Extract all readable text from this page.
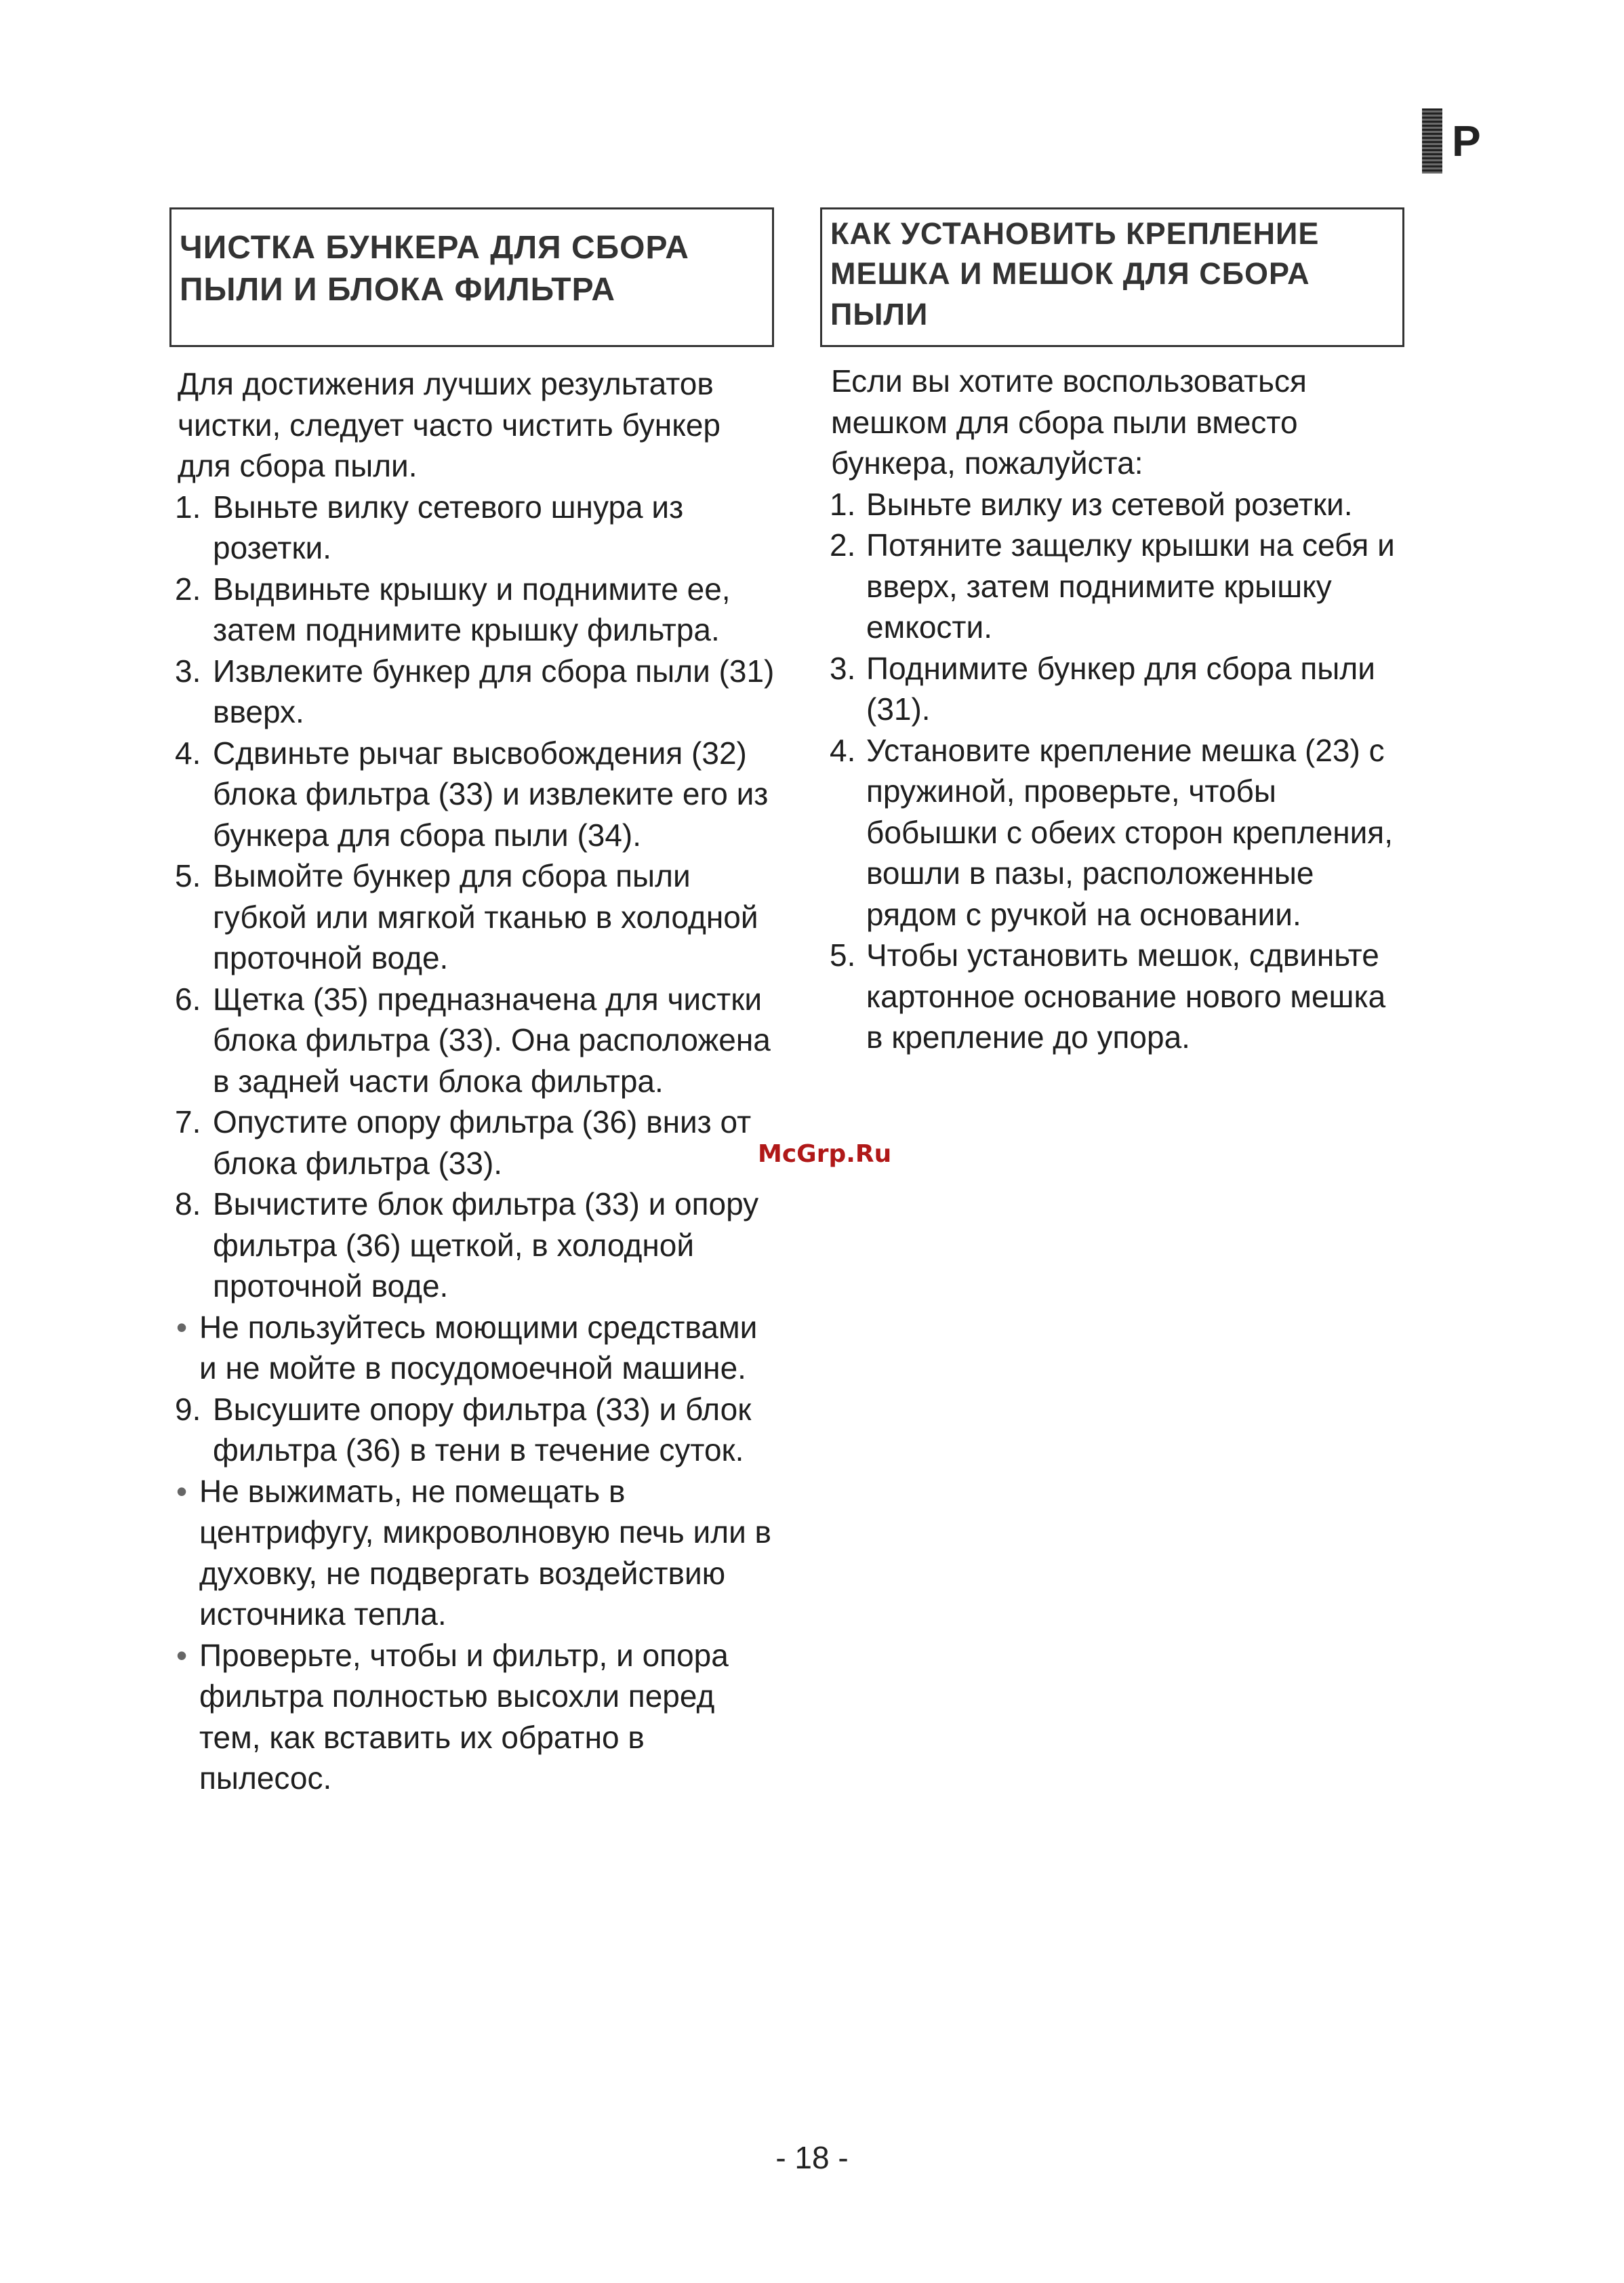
P
ЧИСТКА БУНКЕРА ДЛЯ СБОРА ПЫЛИ И БЛОКА ФИЛЬТРА

Для достижения лучших результатов чистки, следует часто чистить бункер для сбора пыли.

1. Выньте вилку сетевого шнура из розетки.
2. Выдвиньте крышку и поднимите ее, затем поднимите крышку фильтра.
3. Извлеките бункер для сбора пыли (31) вверх.
4. Сдвиньте рычаг высвобождения (32) блока фильтра (33) и извлеките его из бункера для сбора пыли (34).
5. Вымойте бункер для сбора пыли губкой или мягкой тканью в холодной проточной воде.
6. Щетка (35) предназначена для чистки блока фильтра (33). Она расположена в задней части блока фильтра.
7. Опустите опору фильтра (36) вниз от блока фильтра (33).
8. Вычистите блок фильтра (33) и опору фильтра (36) щеткой, в холодной проточной воде.
• Не пользуйтесь моющими средствами и не мойте в посудомоечной машине.
9. Высушите опору фильтра (33) и блок фильтра (36) в тени в течение суток.
• Не выжимать, не помещать в центрифугу, микроволновую печь или в духовку, не подвергать воздействию источника тепла.
• Проверьте, чтобы и фильтр, и опора фильтра полностью высохли перед тем, как вставить их обратно в пылесос.
КАК УСТАНОВИТЬ КРЕПЛЕНИЕ МЕШКА И МЕШОК ДЛЯ СБОРА ПЫЛИ

Если вы хотите воспользоваться мешком для сбора пыли вместо бункера, пожалуйста:

1. Выньте вилку из сетевой розетки.
2. Потяните защелку крышки на себя и вверх, затем поднимите крышку емкости.
3. Поднимите бункер для сбора пыли (31).
4. Установите крепление мешка (23) с пружиной, проверьте, чтобы бобышки с обеих сторон крепления, вошли в пазы, расположенные рядом с ручкой на основании.
5. Чтобы установить мешок, сдвиньте картонное основание нового мешка в крепление до упора.
McGrp.Ru
- 18 -
